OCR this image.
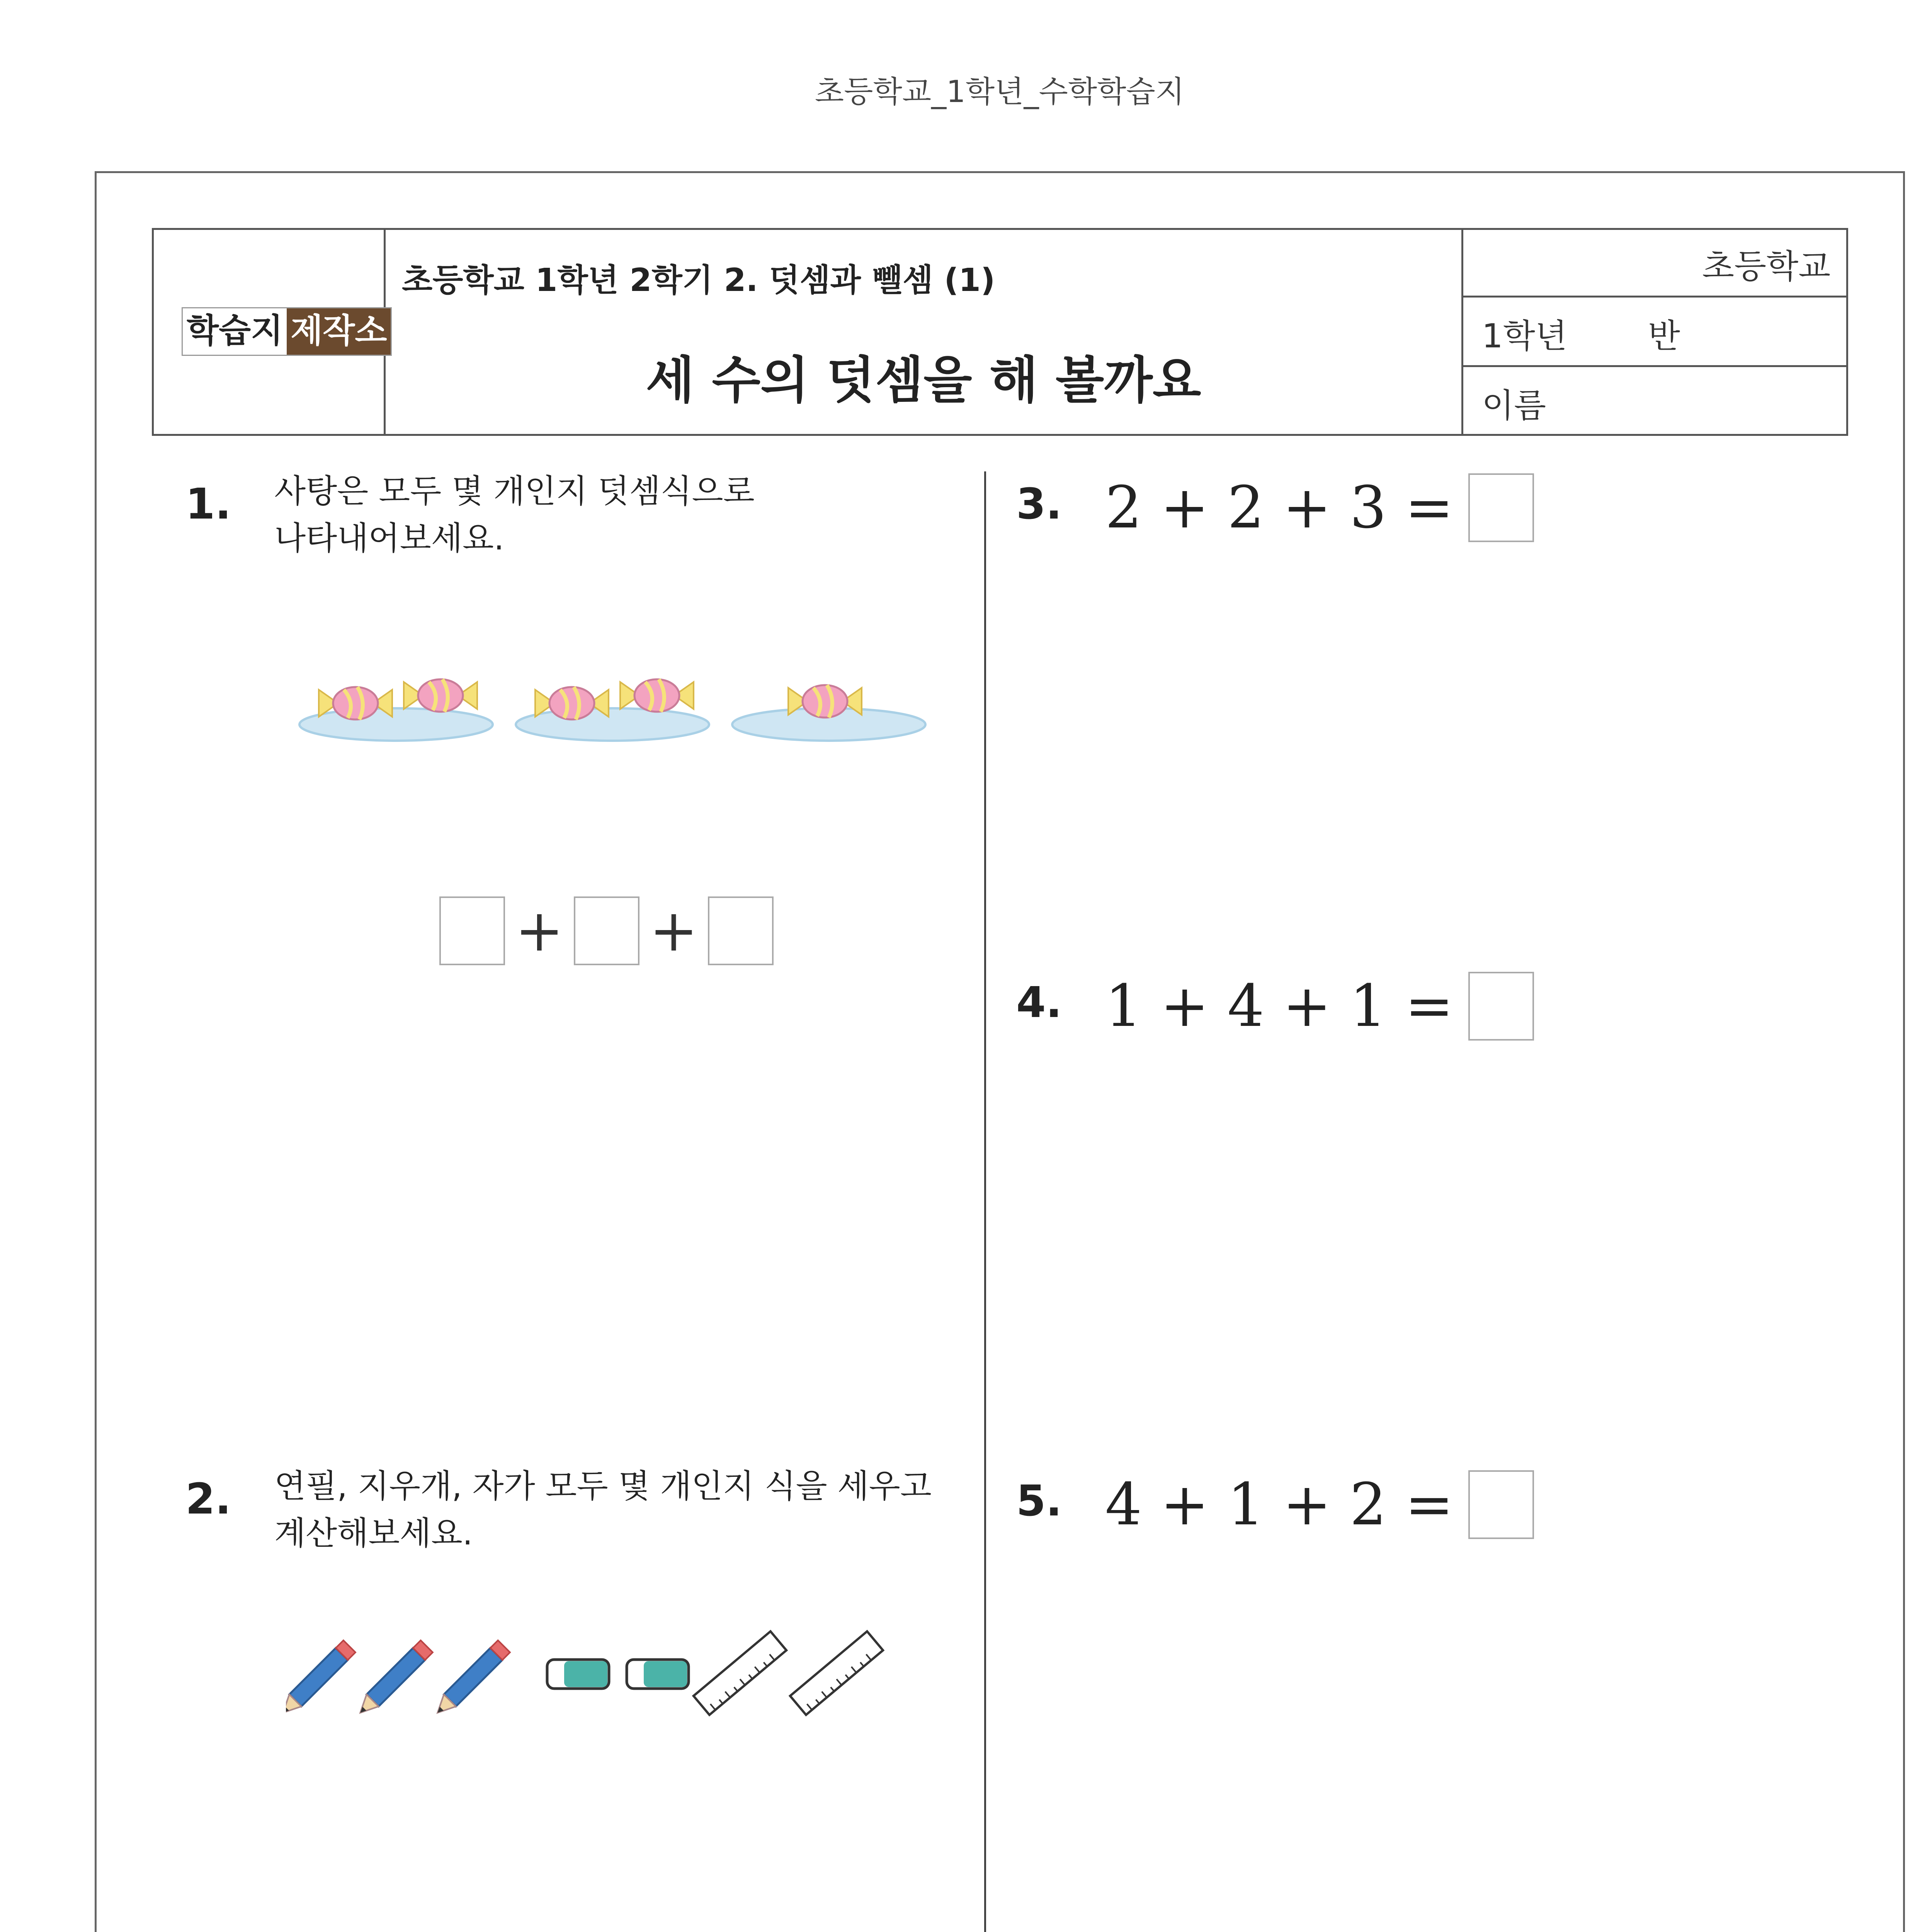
초등학교_1학년_수학학습지
학습지 제작소
초등학교 1학년 2학기 2. 덧셈과 뺄셈 (1)
세 수의 덧셈을 해 볼까요
초등학교
1학년 반
이름
1. 사탕은 모두 몇 개인지 덧셈식으로
나타내어보세요.
+ +
2. 연필, 지우개, 자가 모두 몇 개인지 식을 세우고
계산해보세요.
3. 2 + 2 + 3 =
4. 1 + 4 + 1 =
5. 4 + 1 + 2 =
